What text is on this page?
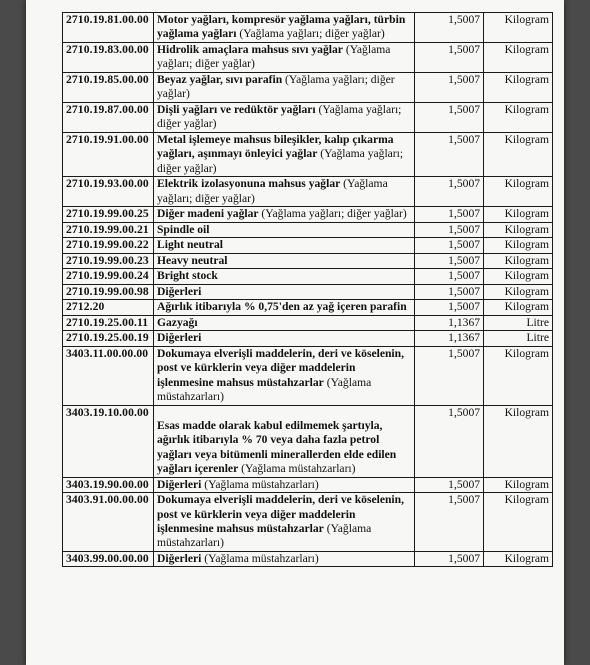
2710.19.81.00.00	Motor yağları, kompresör yağlama yağları, türbin yağlama yağları (Yağlama yağları; diğer yağlar)	1,5007	Kilogram
2710.19.83.00.00	Hidrolik amaçlara mahsus sıvı yağlar (Yağlama yağları; diğer yağlar)	1,5007	Kilogram
2710.19.85.00.00	Beyaz yağlar, sıvı parafin (Yağlama yağları; diğer yağlar)	1,5007	Kilogram
2710.19.87.00.00	Dişli yağları ve redüktör yağları (Yağlama yağları; diğer yağlar)	1,5007	Kilogram
2710.19.91.00.00	Metal işlemeye mahsus bileşikler, kalıp çıkarma yağları, aşınmayı önleyici yağlar (Yağlama yağları; diğer yağlar)	1,5007	Kilogram
2710.19.93.00.00	Elektrik izolasyonuna mahsus yağlar (Yağlama yağları; diğer yağlar)	1,5007	Kilogram
2710.19.99.00.25	Diğer madeni yağlar (Yağlama yağları; diğer yağlar)	1,5007	Kilogram
2710.19.99.00.21	Spindle oil	1,5007	Kilogram
2710.19.99.00.22	Light neutral	1,5007	Kilogram
2710.19.99.00.23	Heavy neutral	1,5007	Kilogram
2710.19.99.00.24	Bright stock	1,5007	Kilogram
2710.19.99.00.98	Diğerleri	1,5007	Kilogram
2712.20	Ağırlık itibarıyla % 0,75'den az yağ içeren parafin	1,5007	Kilogram
2710.19.25.00.11	Gazyağı	1,1367	Litre
2710.19.25.00.19	Diğerleri	1,1367	Litre
3403.11.00.00.00	Dokumaya elverişli maddelerin, deri ve köselenin, post ve kürklerin veya diğer maddelerin işlenmesine mahsus müstahzarlar (Yağlama müstahzarları)	1,5007	Kilogram
3403.19.10.00.00	Esas madde olarak kabul edilmemek şartıyla, ağırlık itibarıyla % 70 veya daha fazla petrol yağları veya bitümenli minerallerden elde edilen yağları içerenler (Yağlama müstahzarları)	1,5007	Kilogram
3403.19.90.00.00	Diğerleri (Yağlama müstahzarları)	1,5007	Kilogram
3403.91.00.00.00	Dokumaya elverişli maddelerin, deri ve köselenin, post ve kürklerin veya diğer maddelerin işlenmesine mahsus müstahzarlar (Yağlama müstahzarları)	1,5007	Kilogram
3403.99.00.00.00	Diğerleri (Yağlama müstahzarları)	1,5007	Kilogram
